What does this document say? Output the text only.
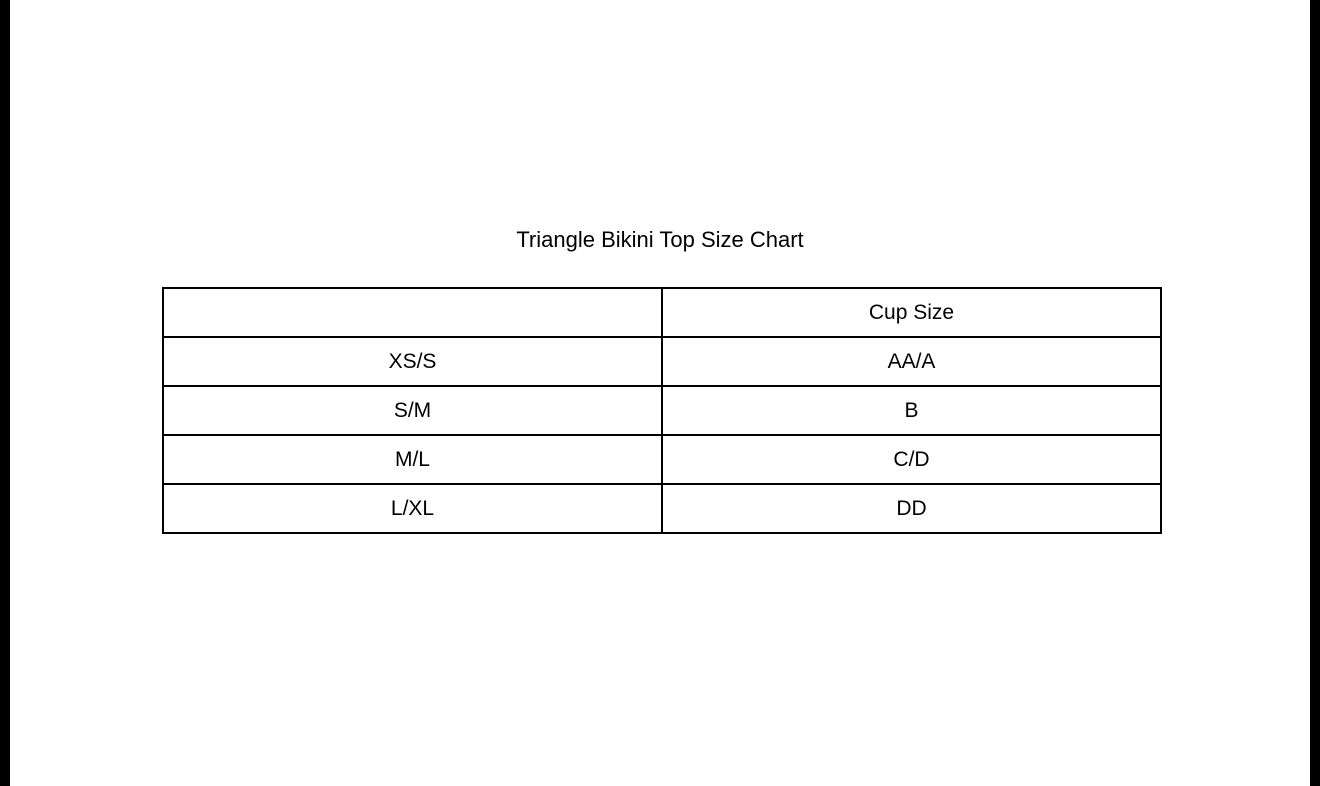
Triangle Bikini Top Size Chart
	Cup Size
XS/S	AA/A
S/M	B
M/L	C/D
L/XL	DD
